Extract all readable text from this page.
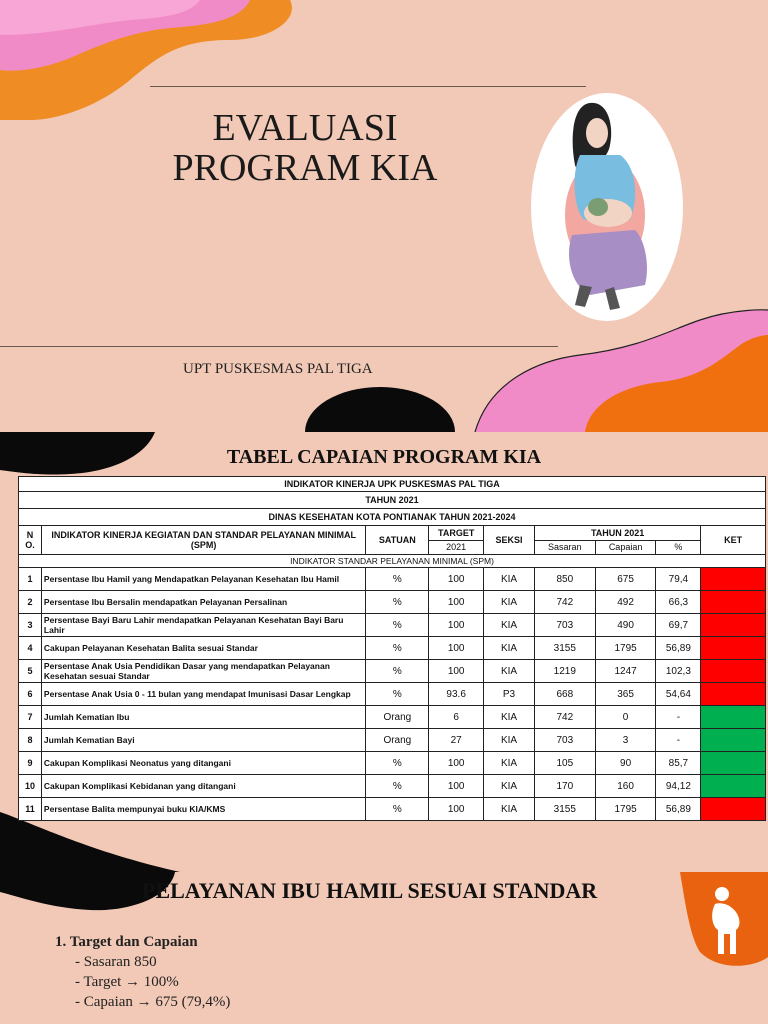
EVALUASI
PROGRAM KIA
UPT PUSKESMAS PAL TIGA
TABEL CAPAIAN PROGRAM KIA
INDIKATOR KINERJA UPK PUSKESMAS PAL TIGA								
TAHUN 2021								
DINAS KESEHATAN KOTA PONTIANAK TAHUN 2021-2024								
N O.	INDIKATOR KINERJA KEGIATAN DAN STANDAR PELAYANAN MINIMAL (SPM)	SATUAN	TARGET	SEKSI	TAHUN 2021			KET
			2021		Sasaran	Capaian	%	
INDIKATOR STANDAR PELAYANAN MINIMAL (SPM)								
1	Persentase Ibu Hamil yang Mendapatkan Pelayanan Kesehatan Ibu Hamil	%	100	KIA	850	675	79,4	
2	Persentase Ibu Bersalin mendapatkan Pelayanan Persalinan	%	100	KIA	742	492	66,3	
3	Persentase Bayi Baru Lahir mendapatkan Pelayanan Kesehatan Bayi Baru Lahir	%	100	KIA	703	490	69,7	
4	Cakupan Pelayanan Kesehatan Balita sesuai Standar	%	100	KIA	3155	1795	56,89	
5	Persentase Anak Usia Pendidikan Dasar yang mendapatkan Pelayanan Kesehatan sesuai Standar	%	100	KIA	1219	1247	102,3	
6	Persentase Anak Usia 0 - 11 bulan yang mendapat Imunisasi Dasar Lengkap	%	93.6	P3	668	365	54,64	
7	Jumlah Kematian Ibu	Orang	6	KIA	742	0	-	
8	Jumlah Kematian Bayi	Orang	27	KIA	703	3	-	
9	Cakupan Komplikasi Neonatus yang ditangani	%	100	KIA	105	90	85,7	
10	Cakupan Komplikasi Kebidanan yang ditangani	%	100	KIA	170	160	94,12	
11	Persentase Balita mempunyai buku KIA/KMS	%	100	KIA	3155	1795	56,89	
PELAYANAN IBU HAMIL SESUAI STANDAR
1. Target dan Capaian
- Sasaran 850
- Target → 100%
- Capaian → 675 (79,4%)
